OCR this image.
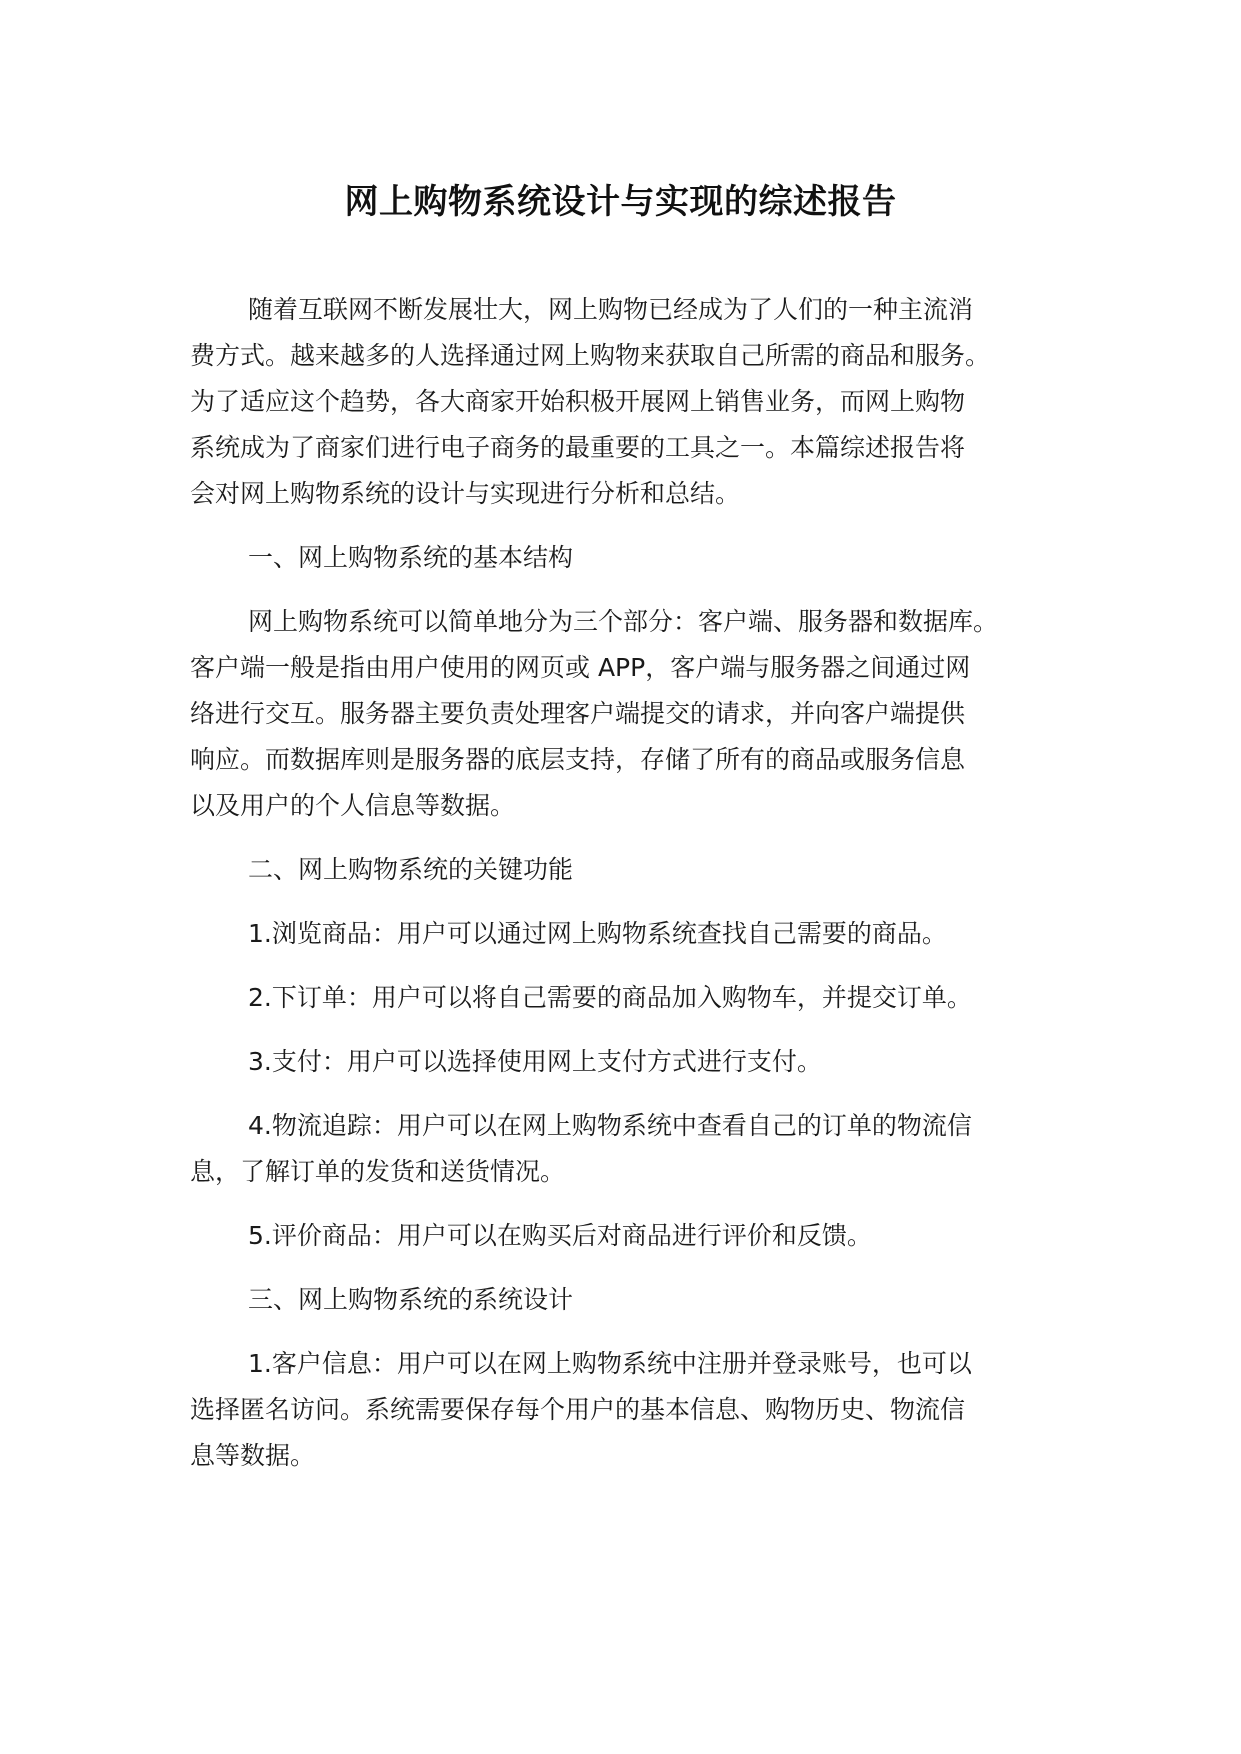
网上购物系统设计与实现的综述报告

随着互联网不断发展壮大，网上购物已经成为了人们的一种主流消
费方式。越来越多的人选择通过网上购物来获取自己所需的商品和服务。
为了适应这个趋势，各大商家开始积极开展网上销售业务，而网上购物
系统成为了商家们进行电子商务的最重要的工具之一。本篇综述报告将
会对网上购物系统的设计与实现进行分析和总结。

一、网上购物系统的基本结构

网上购物系统可以简单地分为三个部分：客户端、服务器和数据库。
客户端一般是指由用户使用的网页或 APP，客户端与服务器之间通过网
络进行交互。服务器主要负责处理客户端提交的请求，并向客户端提供
响应。而数据库则是服务器的底层支持，存储了所有的商品或服务信息
以及用户的个人信息等数据。

二、网上购物系统的关键功能

1.浏览商品：用户可以通过网上购物系统查找自己需要的商品。

2.下订单：用户可以将自己需要的商品加入购物车，并提交订单。

3.支付：用户可以选择使用网上支付方式进行支付。

4.物流追踪：用户可以在网上购物系统中查看自己的订单的物流信
息，了解订单的发货和送货情况。

5.评价商品：用户可以在购买后对商品进行评价和反馈。

三、网上购物系统的系统设计

1.客户信息：用户可以在网上购物系统中注册并登录账号，也可以
选择匿名访问。系统需要保存每个用户的基本信息、购物历史、物流信
息等数据。
